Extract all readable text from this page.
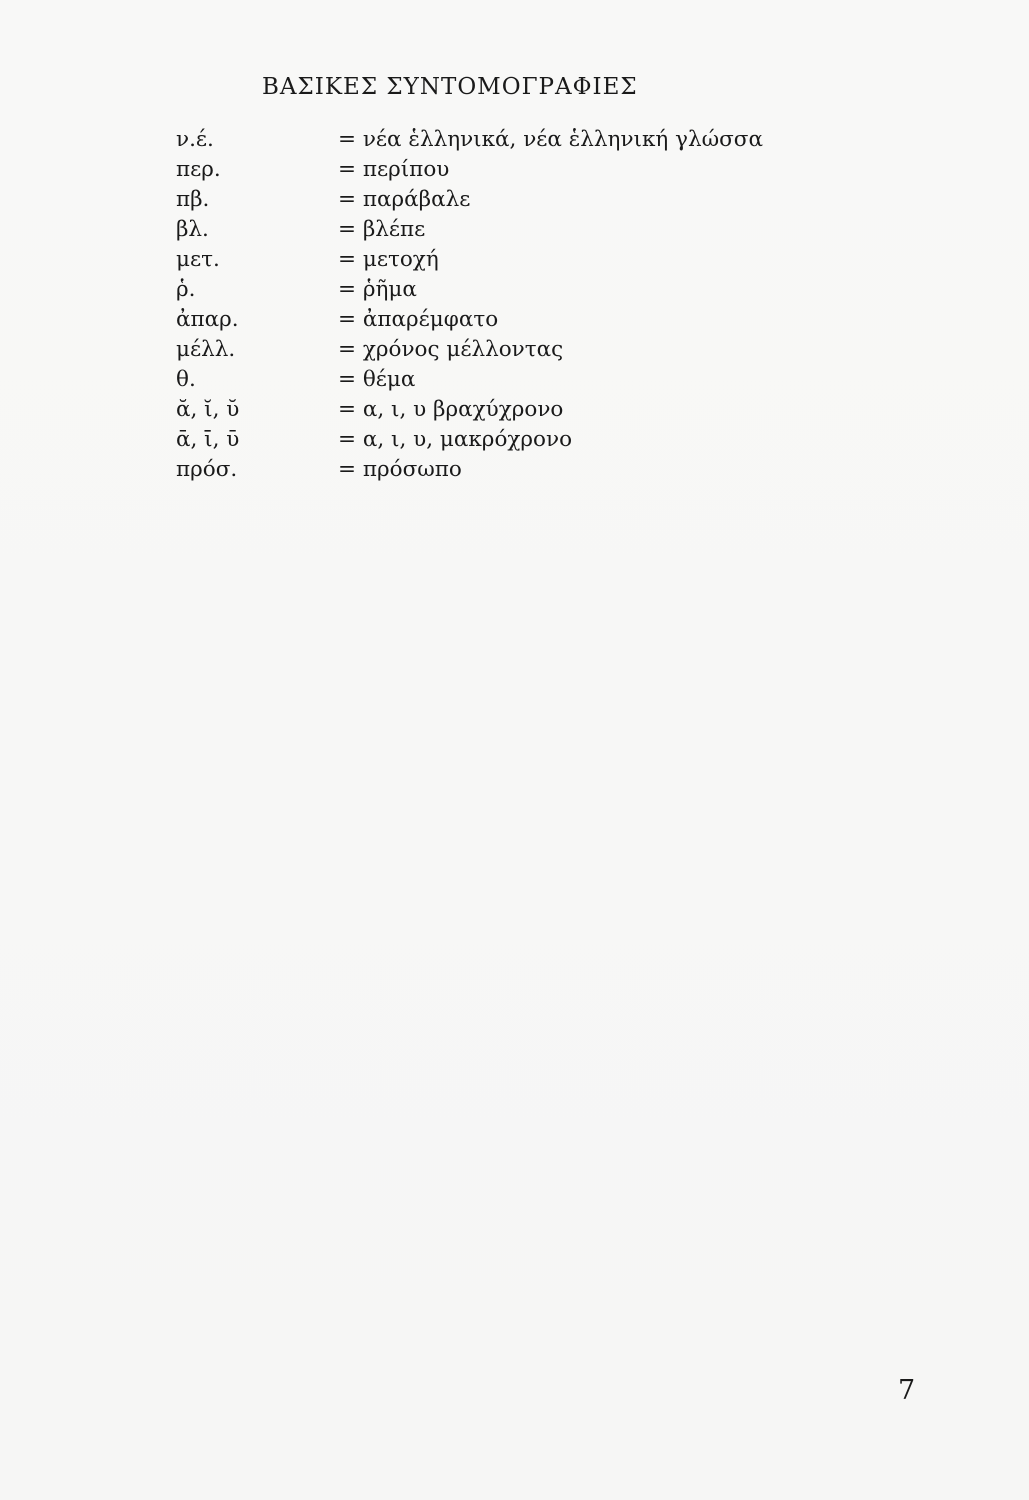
ΒΑΣΙΚΕΣ ΣΥΝΤΟΜΟΓΡΑΦΙΕΣ
ν.έ.	= νέα ἑλληνικά, νέα ἑλληνική γλώσσα
περ.	= περίπου
πβ.	= παράβαλε
βλ.	= βλέπε
μετ.	= μετοχή
ῥ.	= ῥῆμα
ἀπαρ.	= ἀπαρέμφατο
μέλλ.	= χρόνος μέλλοντας
θ.	= θέμα
ᾰ, ῐ, ῠ	= α, ι, υ βραχύχρονο
ᾱ, ῑ, ῡ	= α, ι, υ, μακρόχρονο
πρόσ.	= πρόσωπο
7
